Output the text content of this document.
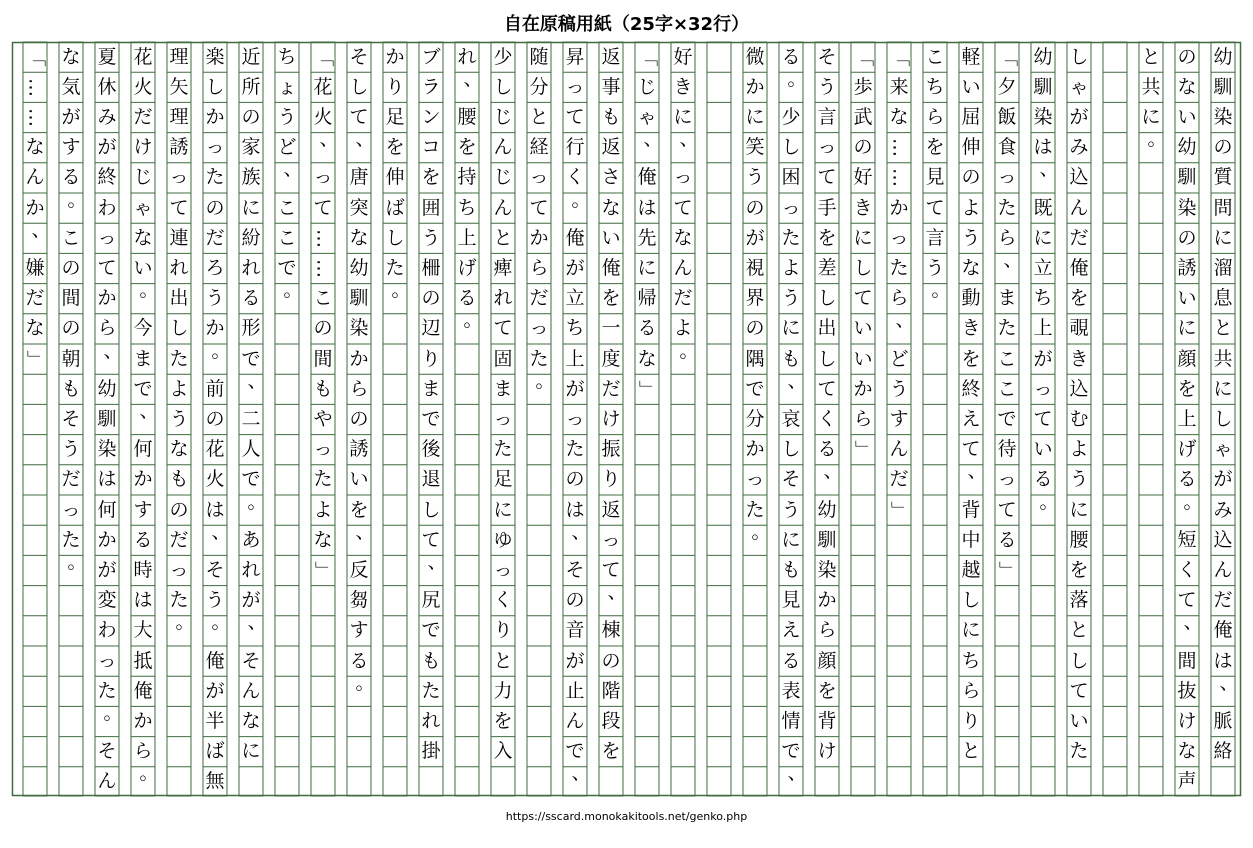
自在原稿用紙（25字×32行）
幼
馴
染
の
質
問
に
溜
息
と
共
に
し
ゃ
が
み
込
ん
だ
俺
は
、
脈
絡
の
な
い
幼
馴
染
の
誘
い
に
顔
を
上
げ
る
。
短
く
て
、
間
抜
け
な
声
と
共
に
。
し
ゃ
が
み
込
ん
だ
俺
を
覗
き
込
む
よ
う
に
腰
を
落
と
し
て
い
た
幼
馴
染
は
、
既
に
立
ち
上
が
っ
て
い
る
。
「
夕
飯
食
っ
た
ら
、
ま
た
こ
こ
で
待
っ
て
る
」
軽
い
屈
伸
の
よ
う
な
動
き
を
終
え
て
、
背
中
越
し
に
ち
ら
り
と
こ
ち
ら
を
見
て
言
う
。
「
来
な
…
…
か
っ
た
ら
、
ど
う
す
ん
だ
」
「
歩
武
の
好
き
に
し
て
い
い
か
ら
」
そ
う
言
っ
て
手
を
差
し
出
し
て
く
る
、
幼
馴
染
か
ら
顔
を
背
け
る
。
少
し
困
っ
た
よ
う
に
も
、
哀
し
そ
う
に
も
見
え
る
表
情
で
、
微
か
に
笑
う
の
が
視
界
の
隅
で
分
か
っ
た
。
好
き
に
、
っ
て
な
ん
だ
よ
。
「
じ
ゃ
、
俺
は
先
に
帰
る
な
」
返
事
も
返
さ
な
い
俺
を
一
度
だ
け
振
り
返
っ
て
、
棟
の
階
段
を
昇
っ
て
行
く
。
俺
が
立
ち
上
が
っ
た
の
は
、
そ
の
音
が
止
ん
で
、
随
分
と
経
っ
て
か
ら
だ
っ
た
。
少
し
じ
ん
じ
ん
と
痺
れ
て
固
ま
っ
た
足
に
ゆ
っ
く
り
と
力
を
入
れ
、
腰
を
持
ち
上
げ
る
。
ブ
ラ
ン
コ
を
囲
う
柵
の
辺
り
ま
で
後
退
し
て
、
尻
で
も
た
れ
掛
か
り
足
を
伸
ば
し
た
。
そ
し
て
、
唐
突
な
幼
馴
染
か
ら
の
誘
い
を
、
反
芻
す
る
。
「
花
火
、
っ
て
…
…
こ
の
間
も
や
っ
た
よ
な
」
ち
ょ
う
ど
、
こ
こ
で
。
近
所
の
家
族
に
紛
れ
る
形
で
、
二
人
で
。
あ
れ
が
、
そ
ん
な
に
楽
し
か
っ
た
の
だ
ろ
う
か
。
前
の
花
火
は
、
そ
う
。
俺
が
半
ば
無
理
矢
理
誘
っ
て
連
れ
出
し
た
よ
う
な
も
の
だ
っ
た
。
花
火
だ
け
じ
ゃ
な
い
。
今
ま
で
、
何
か
す
る
時
は
大
抵
俺
か
ら
。
夏
休
み
が
終
わ
っ
て
か
ら
、
幼
馴
染
は
何
か
が
変
わ
っ
た
。
そ
ん
な
気
が
す
る
。
こ
の
間
の
朝
も
そ
う
だ
っ
た
。
「
…
…
な
ん
か
、
嫌
だ
な
」
https://sscard.monokakitools.net/genko.php
